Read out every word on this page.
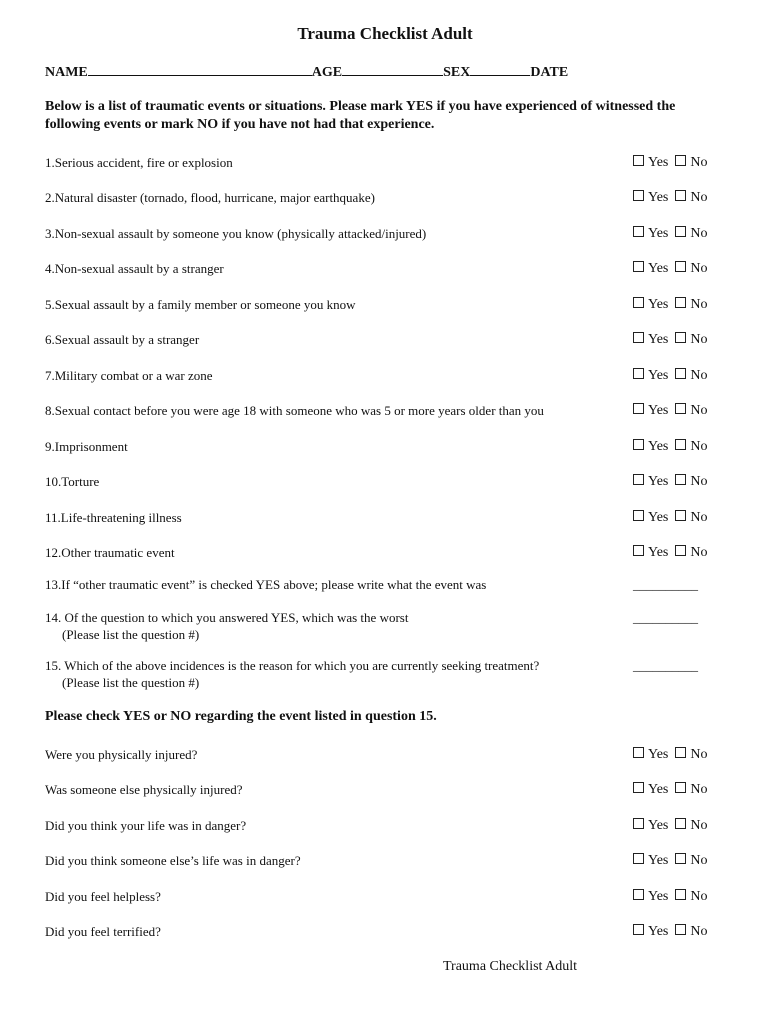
Trauma Checklist Adult
NAME	AGE	SEX	DATE
Below is a list of traumatic events or situations. Please mark YES if you have experienced of witnessed the following events or mark NO if you have not had that experience.
1.Serious accident, fire or explosion	Yes No
2.Natural disaster (tornado, flood, hurricane, major earthquake)	Yes No
3.Non-sexual assault by someone you know (physically attacked/injured)	Yes No
4.Non-sexual assault by a stranger	Yes No
5.Sexual assault by a family member or someone you know	Yes No
6.Sexual assault by a stranger	Yes No
7.Military combat or a war zone	Yes No
8.Sexual contact before you were age 18 with someone who was 5 or more years older than you	Yes No
9.Imprisonment	Yes No
10.Torture	Yes No
11.Life-threatening illness	Yes No
12.Other traumatic event	Yes No
13.If “other traumatic event” is checked YES above; please write what the event was	__________
14. Of the question to which you answered YES, which was the worst
(Please list the question #)
__________
15. Which of the above incidences is the reason for which you are currently seeking treatment?
(Please list the question #)
__________
Please check YES or NO regarding the event listed in question 15.
Were you physically injured?	Yes No
Was someone else physically injured?	Yes No
Did you think your life was in danger?	Yes No
Did you think someone else’s life was in danger?	Yes No
Did you feel helpless?	Yes No
Did you feel terrified?	Yes No
Trauma Checklist Adult
